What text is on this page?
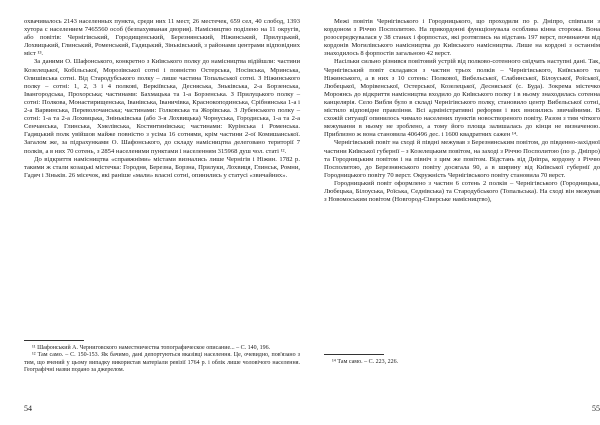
охвачивалось 2143 населенных пункта, среди них 11 мест, 26 местечек, 659 сел, 40 слобод, 1393 хутора с населением 7465560 особ (безпахуяваная двория). Намісництво поділено на 11 округів, або повітів: Чернігівський, Городищенський, Березнянський, Ніжинський, Прилуцький, Лохвицький, Глинський, Роменський, Гадяцький, Зіньківський, з районами центрами відповідних міст ¹³.

За даними О. Шафонського, конкретно з Київського полку до намісництва відійшли: частини Козелецької, Кобільської, Морозівської сотні і повністю Остерська, Носівська, Мринська, Олишівська сотні. Від Стародубського полку – лише частина Топальської сотні. З Ніжинського полку – сотні: 1, 2, 3 і 4 полкові, Веркіївська, Десняська, Зньківська, 2-а Борзенська, Івангородська, Прохорська; частинами: Бахмацька та 1-а Борзенська. З Прилуцького полку – сотні: Полкова, Монастирищенська, Іванівська, Іваничівка, Краснокоподинська, Срібнянська 1-а і 2-а Варвинська, Переволочанська; частинами: Голковська та Жорівська. З Лубенського полку – сотні: 1-а та 2-а Лохвицька, Зніньківська (або 3-я Лохвицька) Чорнуська, Городиська, 1-а та 2-а Сенчанська, Глинська, Хмелівська, Костянтинівська; частинами: Курінська і Роменська. Гадяцький полк увійшов майже повністю з усіма 16 сотнями, крім частини 2-ої Комишанської. Загалом же, за підрахунками О. Шафонського, до складу намісництва делеговано території 7 полків, а в них 70 сотень, з 2854 населеними пунктами і населенням 315968 душ чол. статі ¹².

До відкриття намісництва «справжніми» містами визнались лише Чернігів і Ніжин. 1782 р. такими ж стали козацькі містечка: Городня, Березна, Борзна, Прилуки, Лохвиця, Глинськ, Ромни, Гадяч і Зіньків. 26 місечок, які раніше «мали» власні сотні, опинились у статусі «звичайних».

¹¹ Шафонський А. Черниговского наместничества топографическое описание... – С. 140, 196.

¹² Там само. – С. 150-153. Як бачимо, дані депортуються вказівці населення. Це, очевидно, пов'язано з тим, що вчений у цьому випадку використав матеріали ревізії 1764 р. і облік лише чоловічого населення. Географічні назви подано за джерелом.

54

Межі повітів Чернігівського і Городницького, що проходили по р. Дніпро, співпали з кордоном з Річчю Посполитою. На прикордонні функціонувала особлива кінна сторожа. Вона розосередкувалася у 38 станах і форпостах, які розтяглись на відстань 197 верст, починаючи від кордонів Могилівського намісництва до Київського намісництва. Лише на кордоні з останнім знаходилось 8 форпостів загальною 42 верст.

Насільки сильно різнився повітовий устрій від полково-сотенного свідчать наступні дані. Так, Чернігівський повіт складався з частин трьох полків – Чернігівського, Київського та Ніжинського, а в них з 10 сотень: Полкової, Вибельської, Слабинської, Білоуської, Роїської, Любецької, Морівенської, Остерської, Козелецької, Десняської (с. Буда). Зокрема містечко Мороянсь до відкриття намісництва входило до Київського полку і в ньому знаходилась сотенна канцелярія. Село Вибля було в складі Чернігівського полку, становило центр Вибельської сотні, містило відповідне правління. Всі адміністративні реформи і вих внизились звичайними. В схожій ситуації опинилось чимало населених пунктів новоствореного повіту. Разом з тим чіткого межування в ньому не зроблено, а тому його площа залишалась до кінця не визначеною. Приблизно ж вона становила 406496 дес. і 1600 квадратних сажен ¹⁴.

Чернігівський повіт на сході й півдні межував з Березнянським повітом, до південно-західної частини Київської губернії – з Козелецьким повітом, на заході з Річчю Посполитою (по р. Дніпро) та Городницьким повітом і на північ з цим же повітом. Відстань від Дніпра, кордону з Річчю Посполитою, до Березнянського повіту досягала 90, а в ширину від Київської губернії до Городницького повіту 70 верст. Окружність Чернігівського повіту становила 70 верст.

Городницький повіт оформлено з частин 6 сотень 2 полків – Чернігівського (Городницька, Любецька, Білоуська, Роїська, Седнівська) та Стародубського (Топальська). На сході він межував з Новомоським повітом (Новгород-Сіверське намісництво),

¹⁴ Там само. – С. 223, 226.

55
